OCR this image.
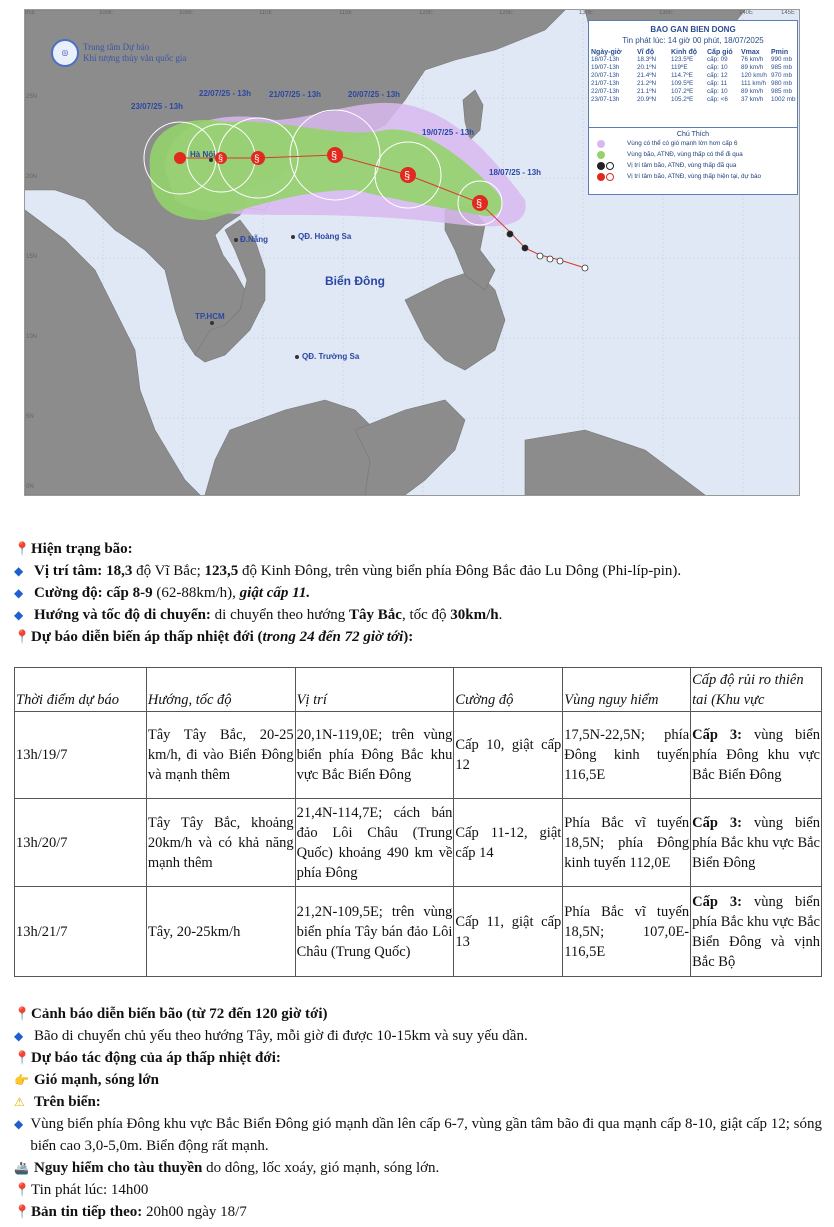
§
§
§
§
§
◎
Trung tâm Dự báo
Khí tượng thủy văn quốc gia
95E	100E	105E	110E	115E	120E	125E	130E	135E	140E	145E
25N
20N
15N
10N
5N
0N
23/07/25 - 13h
22/07/25 - 13h 21/07/25 - 13h	20/07/25 - 13h
19/07/25 - 13h
18/07/25 - 13h
Hà Nội
Đ.Nẵng	QĐ. Hoàng Sa
TP.HCM
QĐ. Trường Sa
Biển Đông
BAO GAN BIEN DONG
Tin phát lúc: 14 giờ 00 phút, 18/07/2025
Ngày-giờ	Vĩ độ	Kinh độ	Cấp gió	Vmax	Pmin
18/07-13h	18.3ºN	123.5ºE	cấp: 09	76 km/h	990 mb
19/07-13h	20.1ºN	119ºE	cấp: 10	89 km/h	985 mb
20/07-13h	21.4ºN	114.7ºE	cấp: 12	120 km/h 970 mb
21/07-13h	21.2ºN	109.5ºE	cấp: 11	111 km/h 980 mb
22/07-13h	21.1ºN	107.2ºE	cấp: 10	89 km/h	985 mb
23/07-13h	20.9ºN	105.2ºE	cấp: <6	37 km/h	1002 mb
Chú Thích
Vùng có thể có gió mạnh lớn hơn cấp 6
Vùng bão, ATNĐ, vùng thấp có thể đi qua
Vị trí tâm bão, ATNĐ, vùng thấp đã qua
Vị trí tâm bão, ATNĐ, vùng thấp hiện tại, dự báo
📍 Hiện trạng bão:
◆ Vị trí tâm: 18,3 độ Vĩ Bắc; 123,5 độ Kinh Đông, trên vùng biển phía Đông Bắc đảo Lu Dông (Phi-líp-pin).
◆ Cường độ: cấp 8-9 (62-88km/h), giật cấp 11.
◆ Hướng và tốc độ di chuyển: di chuyển theo hướng Tây Bắc, tốc độ 30km/h.
📍 Dự báo diễn biến áp thấp nhiệt đới (trong 24 đến 72 giờ tới):
Thời điểm dự báo	Hướng, tốc độ	Vị trí	Cường độ	Vùng nguy hiểm	Cấp độ rủi ro thiên tai (Khu vực
13h/19/7	Tây Tây Bắc, 20-25 km/h, đi vào Biển Đông và mạnh thêm	20,1N-119,0E; trên vùng biển phía Đông Bắc khu vực Bắc Biển Đông	Cấp 10, giật cấp 12	17,5N-22,5N; phía Đông kinh tuyến 116,5E	Cấp 3: vùng biển phía Đông khu vực Bắc Biển Đông
13h/20/7	Tây Tây Bắc, khoảng 20km/h và có khả năng mạnh thêm	21,4N-114,7E; cách bán đảo Lôi Châu (Trung Quốc) khoảng 490 km về phía Đông	Cấp 11-12, giật cấp 14	Phía Bắc vĩ tuyến 18,5N; phía Đông kinh tuyến 112,0E	Cấp 3: vùng biển phía Bắc khu vực Bắc Biển Đông
13h/21/7	Tây, 20-25km/h	21,2N-109,5E; trên vùng biển phía Tây bán đảo Lôi Châu (Trung Quốc)	Cấp 11, giật cấp 13	Phía Bắc vĩ tuyến 18,5N; 107,0E-116,5E	Cấp 3: vùng biển phía Bắc khu vực Bắc Biển Đông và vịnh Bắc Bộ
📍 Cảnh báo diễn biến bão (từ 72 đến 120 giờ tới)
◆ Bão di chuyển chủ yếu theo hướng Tây, mỗi giờ đi được 10-15km và suy yếu dần.
📍 Dự báo tác động của áp thấp nhiệt đới:
👉 Gió mạnh, sóng lớn
⚠ Trên biển:
◆ Vùng biển phía Đông khu vực Bắc Biển Đông gió mạnh dần lên cấp 6-7, vùng gần tâm bão đi qua mạnh cấp 8-10, giật cấp 12; sóng biển cao 3,0-5,0m. Biển động rất mạnh.
🚢 Nguy hiểm cho tàu thuyền do dông, lốc xoáy, gió mạnh, sóng lớn.
📍 Tin phát lúc: 14h00
📍 Bản tin tiếp theo: 20h00 ngày 18/7
